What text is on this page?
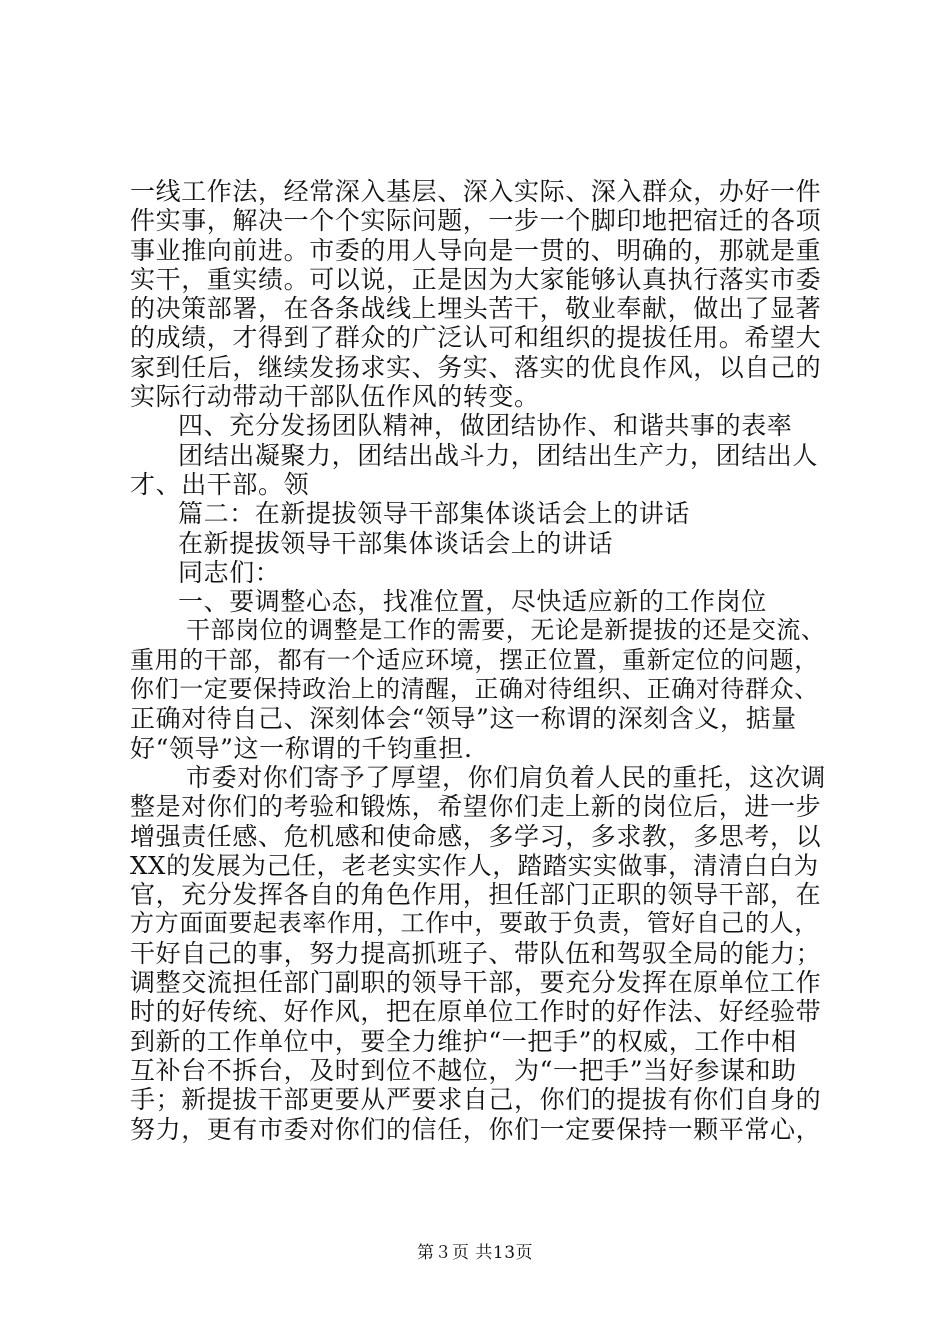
一线工作法，经常深入基层、深入实际、深入群众，办好一件
件实事，解决一个个实际问题，一步一个脚印地把宿迁的各项
事业推向前进。市委的用人导向是一贯的、明确的，那就是重
实干，重实绩。可以说，正是因为大家能够认真执行落实市委
的决策部署，在各条战线上埋头苦干，敬业奉献，做出了显著
的成绩，才得到了群众的广泛认可和组织的提拔任用。希望大
家到任后，继续发扬求实、务实、落实的优良作风，以自己的
实际行动带动干部队伍作风的转变。
四、充分发扬团队精神，做团结协作、和谐共事的表率
团结出凝聚力，团结出战斗力，团结出生产力，团结出人
才、出干部。领
篇二：在新提拔领导干部集体谈话会上的讲话
在新提拔领导干部集体谈话会上的讲话
同志们：
一、要调整心态，找准位置，尽快适应新的工作岗位
干部岗位的调整是工作的需要，无论是新提拔的还是交流、
重用的干部，都有一个适应环境，摆正位置，重新定位的问题，
你们一定要保持政治上的清醒，正确对待组织、正确对待群众、
正确对待自己、深刻体会“领导”这一称谓的深刻含义，掂量
好“领导”这一称谓的千钧重担.
市委对你们寄予了厚望，你们肩负着人民的重托，这次调
整是对你们的考验和锻炼，希望你们走上新的岗位后，进一步
增强责任感、危机感和使命感，多学习，多求教，多思考，以
XX的发展为己任，老老实实作人，踏踏实实做事，清清白白为
官，充分发挥各自的角色作用，担任部门正职的领导干部，在
方方面面要起表率作用，工作中，要敢于负责，管好自己的人，
干好自己的事，努力提高抓班子、带队伍和驾驭全局的能力；
调整交流担任部门副职的领导干部，要充分发挥在原单位工作
时的好传统、好作风，把在原单位工作时的好作法、好经验带
到新的工作单位中，要全力维护“一把手”的权威，工作中相
互补台不拆台，及时到位不越位，为“一把手”当好参谋和助
手；新提拔干部更要从严要求自己，你们的提拔有你们自身的
努力，更有市委对你们的信任，你们一定要保持一颗平常心，
第３页 共13页
